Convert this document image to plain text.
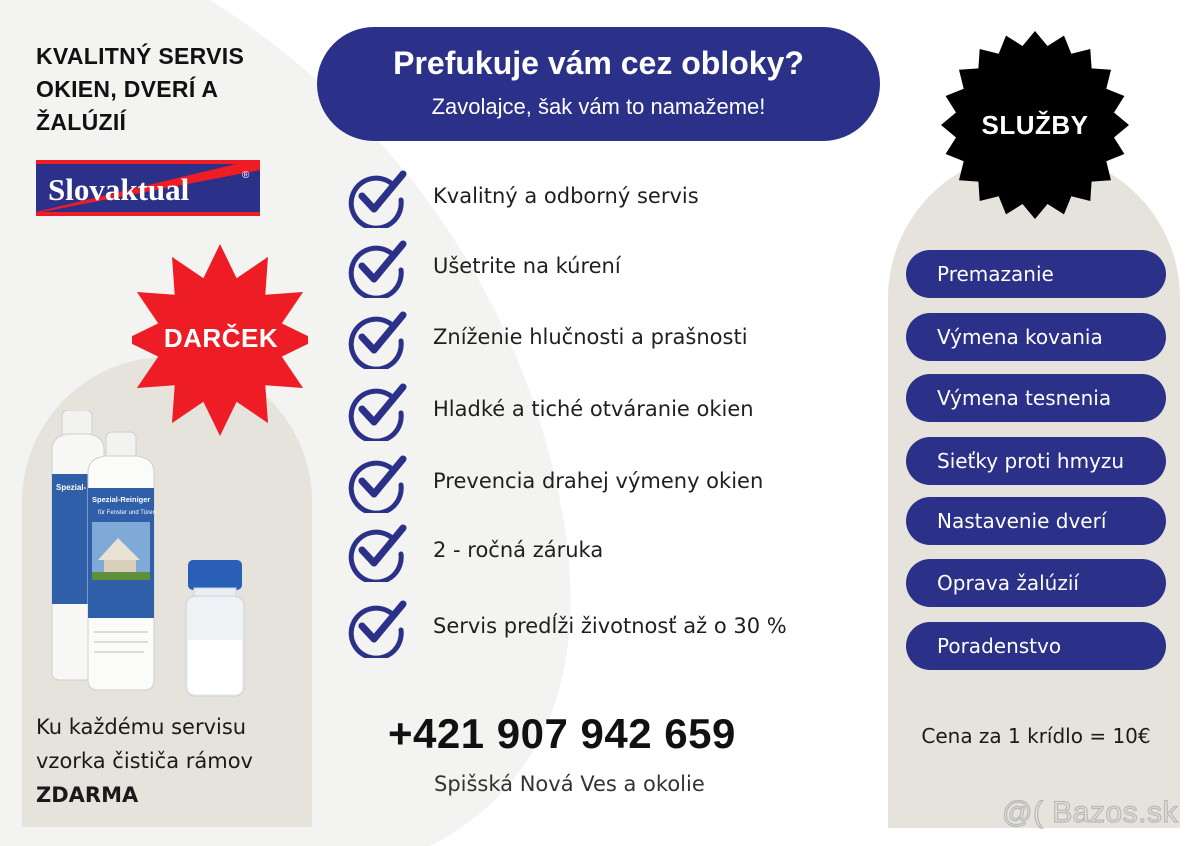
KVALITNÝ SERVIS OKIEN, DVERÍ A ŽALÚZIÍ
Slovaktual	®
DARČEK
Spezial-
Spezial-Reiniger
für Fenster und Türen
Ku každému servisu vzorka čističa rámov ZDARMA
Prefukuje vám cez obloky?
Zavolajce, šak vám to namažeme!
Kvalitný a odborný servis
Ušetrite na kúrení
Zníženie hlučnosti a prašnosti
Hladké a tiché otváranie okien
Prevencia drahej výmeny okien
2 - ročná záruka
Servis predĺži životnosť až o 30 %
+421 907 942 659
Spišská Nová Ves a okolie
SLUŽBY
Premazanie
Výmena kovania
Výmena tesnenia
Sieťky proti hmyzu
Nastavenie dverí
Oprava žalúzií
Poradenstvo
Cena za 1 krídlo = 10€
@( Bazos.sk
